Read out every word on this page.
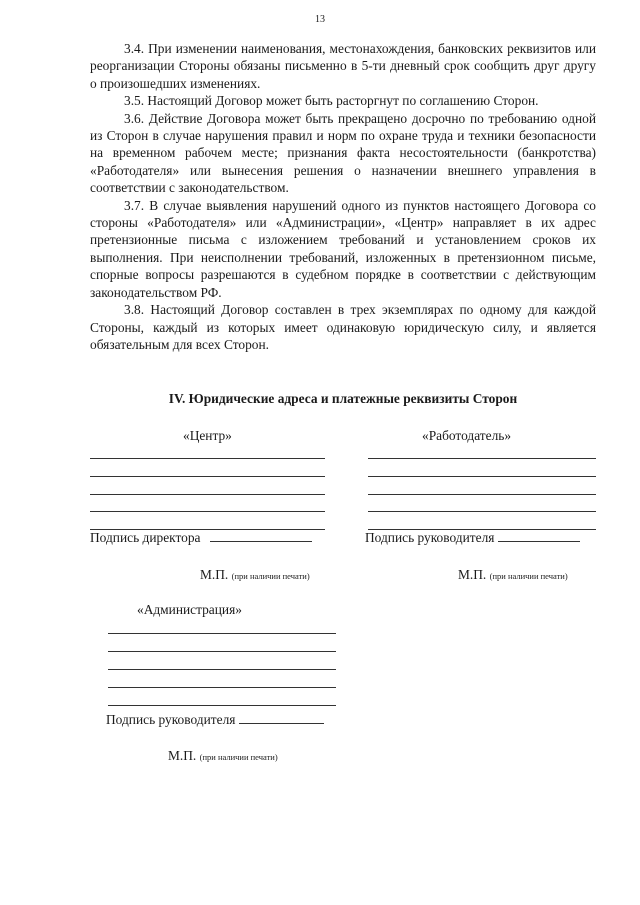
13

3.4. При изменении наименования, местонахождения, банковских реквизитов или реорганизации Стороны обязаны письменно в 5-ти дневный срок сообщить друг другу о произошедших изменениях.

3.5. Настоящий Договор может быть расторгнут по соглашению Сторон.

3.6. Действие Договора может быть прекращено досрочно по требованию одной из Сторон в случае нарушения правил и норм по охране труда и техники безопасности на временном рабочем месте; признания факта несостоятельности (банкротства) «Работодателя» или вынесения решения о назначении внешнего управления в соответствии с законодательством.

3.7. В случае выявления нарушений одного из пунктов настоящего Договора со стороны «Работодателя» или «Администрации», «Центр» направляет в их адрес претензионные письма с изложением требований и установлением сроков их выполнения. При неисполнении требований, изложенных в претензионном письме, спорные вопросы разрешаются в судебном порядке в соответствии с действующим законодательством РФ.

3.8. Настоящий Договор составлен в трех экземплярах по одному для каждой Стороны, каждый из которых имеет одинаковую юридическую силу, и является обязательным для всех Сторон.

IV. Юридические адреса и платежные реквизиты Сторон
«Центр»
Подпись директора
М.П. (при наличии печати)
«Работодатель»
Подпись руководителя
М.П. (при наличии печати)
«Администрация»
Подпись руководителя
М.П. (при наличии печати)
